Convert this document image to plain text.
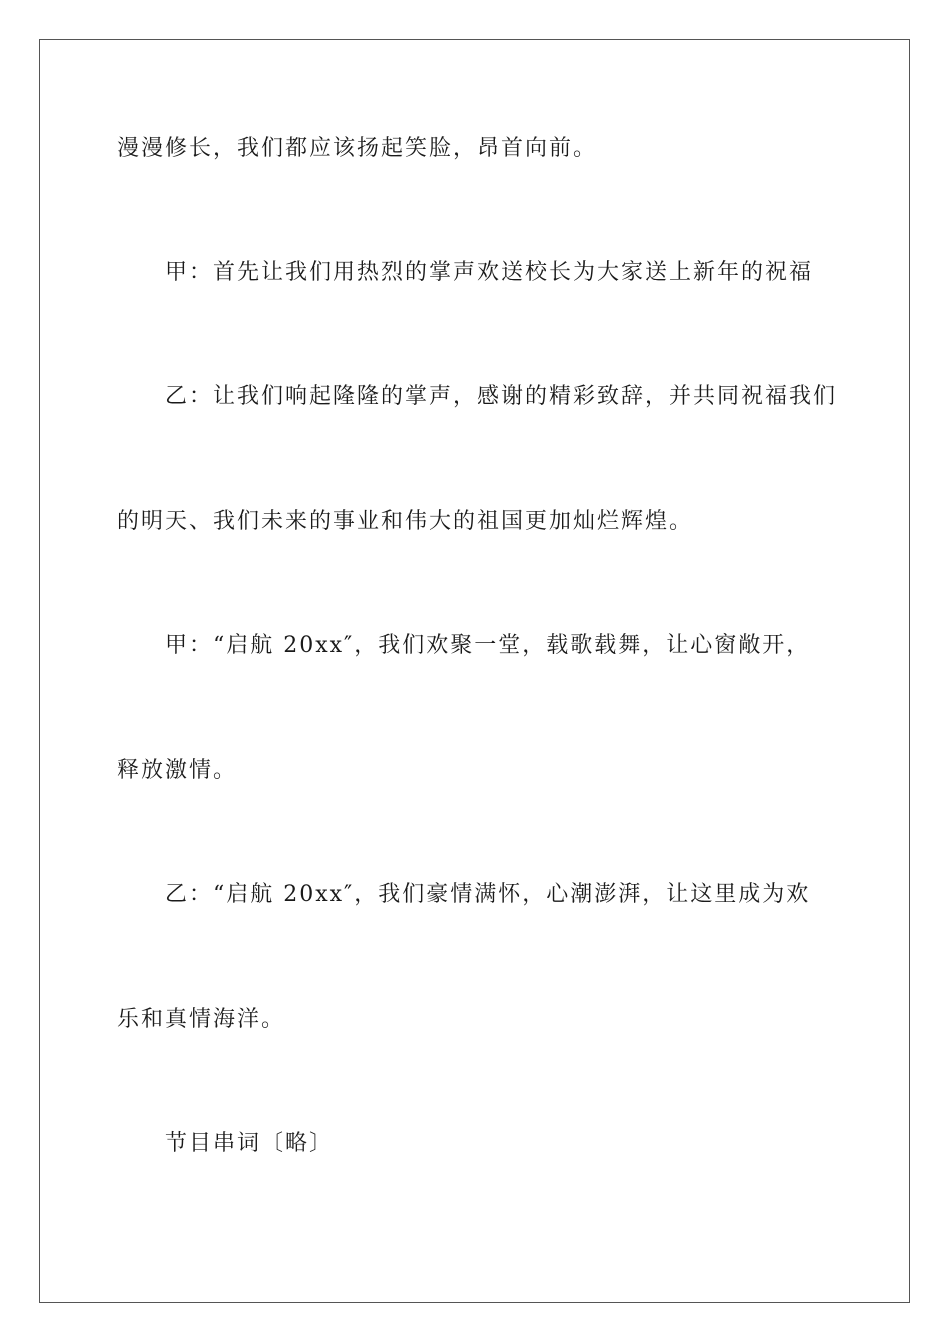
漫漫修长，我们都应该扬起笑脸，昂首向前。
甲：首先让我们用热烈的掌声欢送校长为大家送上新年的祝福
乙：让我们响起隆隆的掌声，感谢的精彩致辞，并共同祝福我们
的明天、我们未来的事业和伟大的祖国更加灿烂辉煌。
甲：“启航 20xx″，我们欢聚一堂，载歌载舞，让心窗敞开，
释放激情。
乙：“启航 20xx″，我们豪情满怀，心潮澎湃，让这里成为欢
乐和真情海洋。
节目串词〔略〕
